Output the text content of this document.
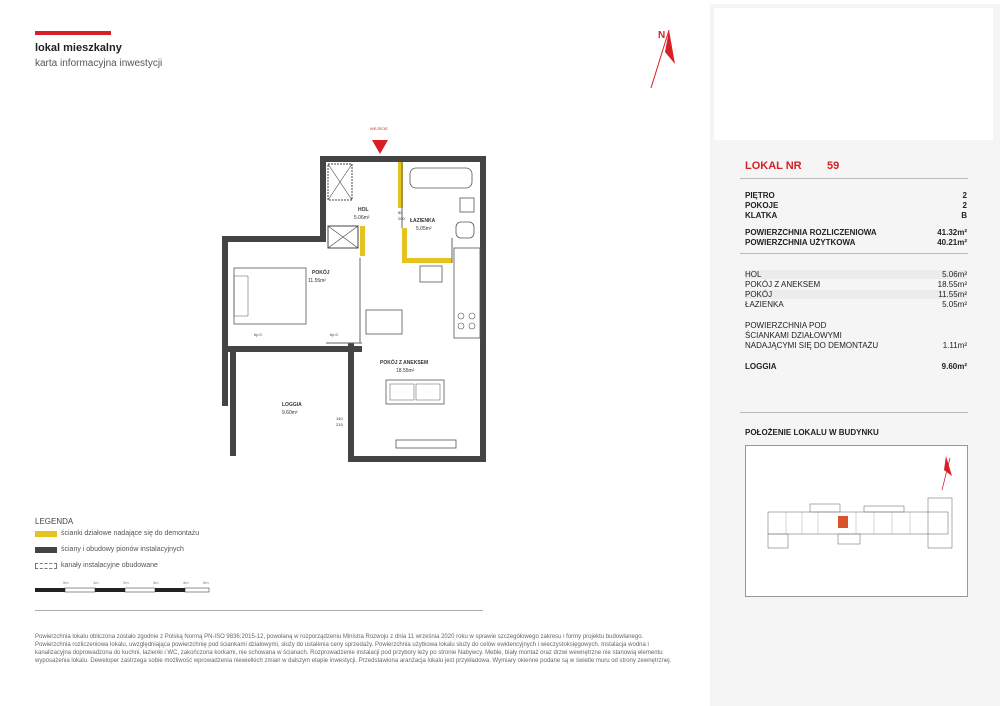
lokal mieszkalny
karta informacyjna inwestycji
N
WEJŚCIE
HOL
5.06m²	ŁAZIENKA
5.05m²
POKÓJ
11.55m²
POKÓJ Z ANEKSEM
18.55m²
LOGGIA
9.60m²
80
200
hp 0	hp 0
140
215
LEGENDA
ścianki działowe nadające się do demontażu
ściany i obudowy pionów instalacyjnych
kanały instalacyjne obudowane
0m	1m	2m	3m	4m	5m
Powierzchnia lokalu obliczona zostało zgodnie z Polską Normą PN-ISO 9836:2015-12, powołaną w rozporządzeniu Ministra Rozwoju z dnia 11 września 2020 roku w sprawie szczegółowego zakresu i formy projektu budowlanego. Powierzchnia rozliczeniowa lokalu, uwzględniająca powierzchnię pod ściankami działowymi, służy do ustalenia ceny sprzedaży. Powierzchnia użytkowa lokalu służy do celów ewidencyjnych i wieczystoksięgowych. Instalacja wodna i kanalizacyjna doprowadzona do kuchni, łazienki i WC, zakończona korkami, nie schowana w ścianach. Rozprowadzenie instalacji pod przybory leży po stronie Nabywcy. Meble, biały montaż oraz drzwi wewnętrzne nie stanowią elementu wyposażenia lokalu. Deweloper zastrzega sobie możliwość wprowadzenia niewielkich zmian w dalszym etapie inwestycji. Przedstawiona aranżacja lokalu jest przykładowa. Wymiary okienne podane są w świetle muru od strony zewnętrznej.
LOKAL NR 59
PIĘTRO	2
POKOJE	2
KLATKA	B
POWIERZCHNIA ROZLICZENIOWA	41.32m²
POWIERZCHNIA UŻYTKOWA	40.21m²
HOL	5.06m²
POKÓJ Z ANEKSEM	18.55m²
POKÓJ	11.55m²
ŁAZIENKA	5.05m²
POWIERZCHNIA POD
ŚCIANKAMI DZIAŁOWYMI
NADAJĄCYMI SIĘ DO DEMONTAŻU	1.11m²
LOGGIA	9.60m²
POŁOŻENIE LOKALU W BUDYNKU
